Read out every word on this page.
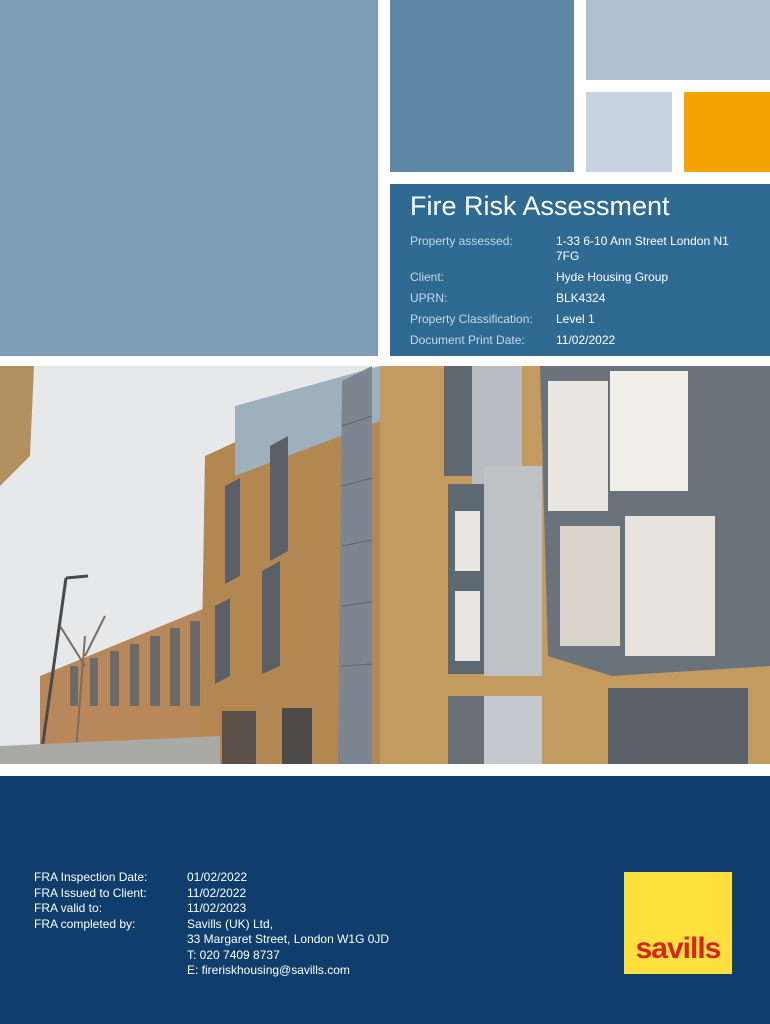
Fire Risk Assessment
Property assessed:	1-33 6-10 Ann Street London N1 7FG
Client:	Hyde Housing Group
UPRN:	BLK4324
Property Classification:	Level 1
Document Print Date:	11/02/2022
FRA Inspection Date:	01/02/2022
FRA Issued to Client:	11/02/2022
FRA valid to:	11/02/2023
FRA completed by:	Savills (UK) Ltd,
33 Margaret Street, London W1G 0JD
T: 020 7409 8737
E: fireriskhousing@savills.com
savills
